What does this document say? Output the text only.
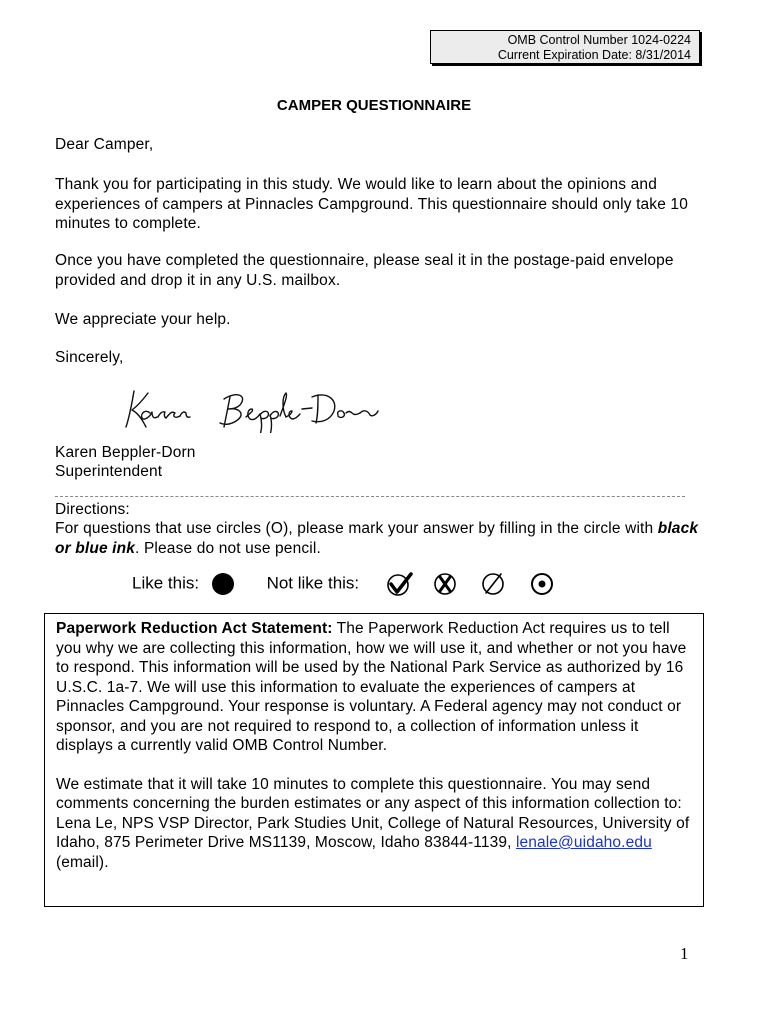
OMB Control Number 1024-0224
Current Expiration Date: 8/31/2014
CAMPER QUESTIONNAIRE
Dear Camper,
Thank you for participating in this study. We would like to learn about the opinions and experiences of campers at Pinnacles Campground. This questionnaire should only take 10 minutes to complete.
Once you have completed the questionnaire, please seal it in the postage-paid envelope provided and drop it in any U.S. mailbox.
We appreciate your help.
Sincerely,
Karen Beppler-Dorn
Superintendent
Directions:
For questions that use circles (O), please mark your answer by filling in the circle with black or blue ink. Please do not use pencil.
Like this:	Not like this:

Paperwork Reduction Act Statement: The Paperwork Reduction Act requires us to tell you why we are collecting this information, how we will use it, and whether or not you have to respond. This information will be used by the National Park Service as authorized by 16 U.S.C. 1a-7. We will use this information to evaluate the experiences of campers at Pinnacles Campground. Your response is voluntary. A Federal agency may not conduct or sponsor, and you are not required to respond to, a collection of information unless it displays a currently valid OMB Control Number.

We estimate that it will take 10 minutes to complete this questionnaire. You may send comments concerning the burden estimates or any aspect of this information collection to: Lena Le, NPS VSP Director, Park Studies Unit, College of Natural Resources, University of Idaho, 875 Perimeter Drive MS1139, Moscow, Idaho 83844-1139, lenale@uidaho.edu (email).

1
